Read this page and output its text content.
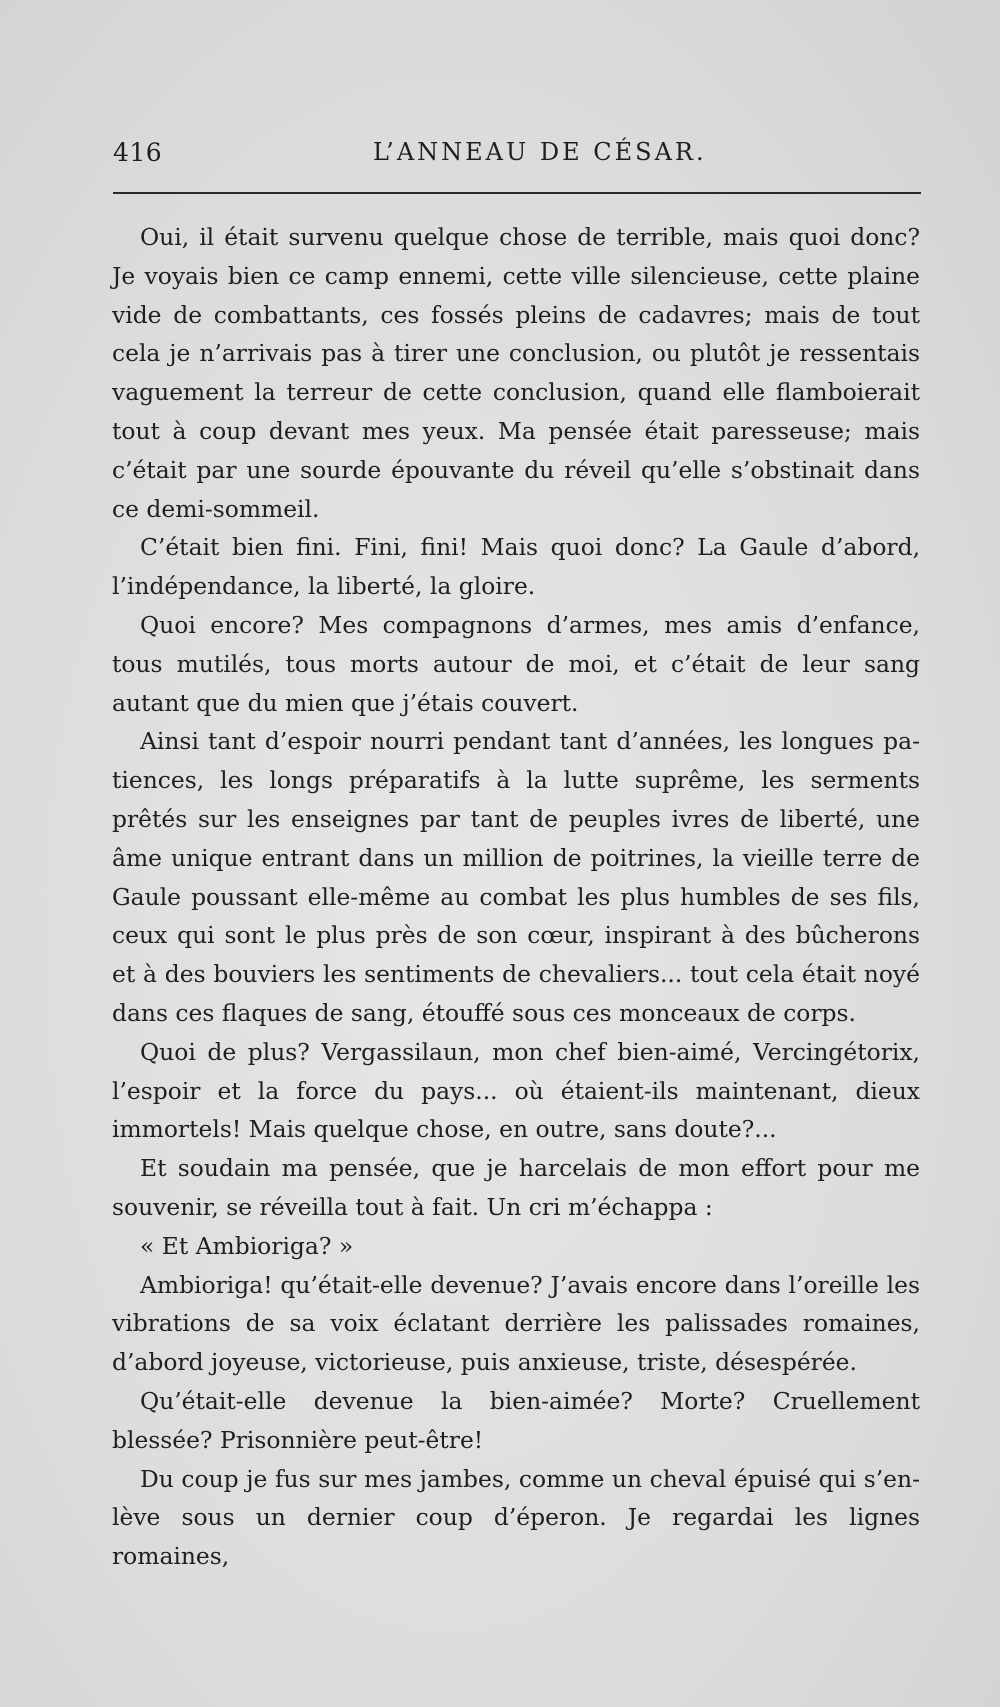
416	L’ANNEAU DE CÉSAR.

Oui, il était survenu quelque chose de terrible, mais quoi donc? Je voyais bien ce camp ennemi, cette ville silencieuse, cette plaine vide de combattants, ces fossés pleins de cadavres; mais de tout cela je n’arrivais pas à tirer une conclusion, ou plutôt je ressentais vaguement la terreur de cette conclusion, quand elle flamboierait tout à coup devant mes yeux. Ma pensée était paresseuse; mais c’était par une sourde épouvante du réveil qu’elle s’obstinait dans ce demi-sommeil.

C’était bien fini. Fini, fini! Mais quoi donc? La Gaule d’abord, l’indépendance, la liberté, la gloire.

Quoi encore? Mes compagnons d’armes, mes amis d’enfance, tous mutilés, tous morts autour de moi, et c’était de leur sang autant que du mien que j’étais couvert.

Ainsi tant d’espoir nourri pendant tant d’années, les longues patiences, les longs préparatifs à la lutte suprême, les serments prêtés sur les enseignes par tant de peuples ivres de liberté, une âme unique entrant dans un million de poitrines, la vieille terre de Gaule poussant elle-même au combat les plus humbles de ses fils, ceux qui sont le plus près de son cœur, inspirant à des bûcherons et à des bouviers les sentiments de chevaliers... tout cela était noyé dans ces flaques de sang, étouffé sous ces monceaux de corps.

Quoi de plus? Vergassilaun, mon chef bien-aimé, Vercingétorix, l’espoir et la force du pays... où étaient-ils maintenant, dieux immortels! Mais quelque chose, en outre, sans doute?...

Et soudain ma pensée, que je harcelais de mon effort pour me souvenir, se réveilla tout à fait. Un cri m’échappa :

« Et Ambioriga? »

Ambioriga! qu’était-elle devenue? J’avais encore dans l’oreille les vibrations de sa voix éclatant derrière les palissades romaines, d’abord joyeuse, victorieuse, puis anxieuse, triste, désespérée.

Qu’était-elle devenue la bien-aimée? Morte? Cruellement blessée? Prisonnière peut-être!

Du coup je fus sur mes jambes, comme un cheval épuisé qui s’enlève sous un dernier coup d’éperon. Je regardai les lignes romaines,
